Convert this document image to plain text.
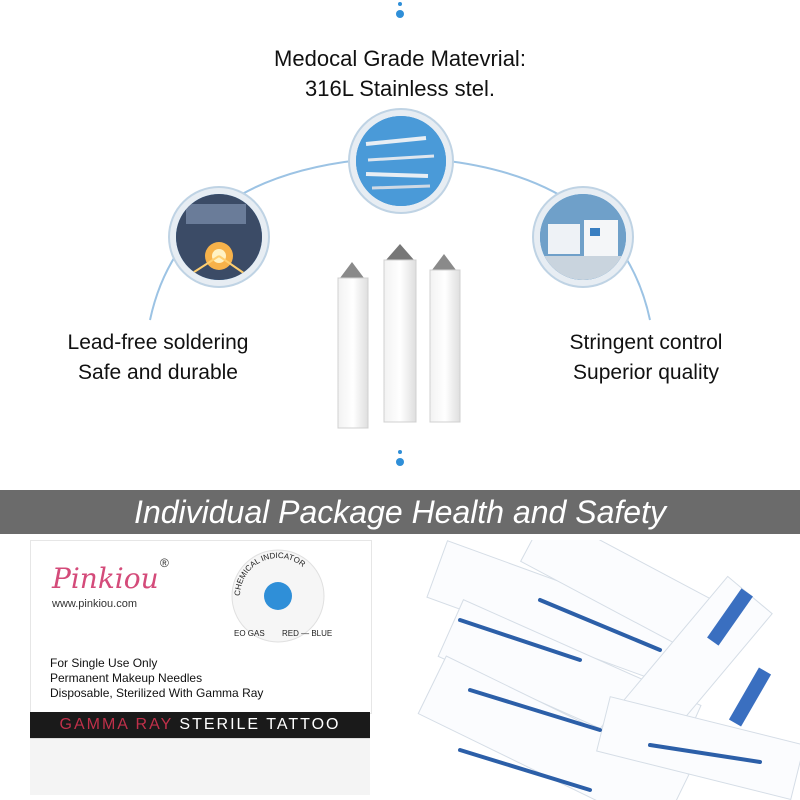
Medocal Grade Matevrial:
316L Stainless stel.
Lead-free soldering
Safe and durable
Stringent control
Superior quality
Individual Package Health and Safety
Pinkiou ®
www.pinkiou.com
CHEMICAL INDICATOR
EO GAS RED — BLUE
For Single Use Only
Permanent Makeup Needles
Disposable, Sterilized With Gamma Ray
GAMMA RAY STERILE TATTOO
